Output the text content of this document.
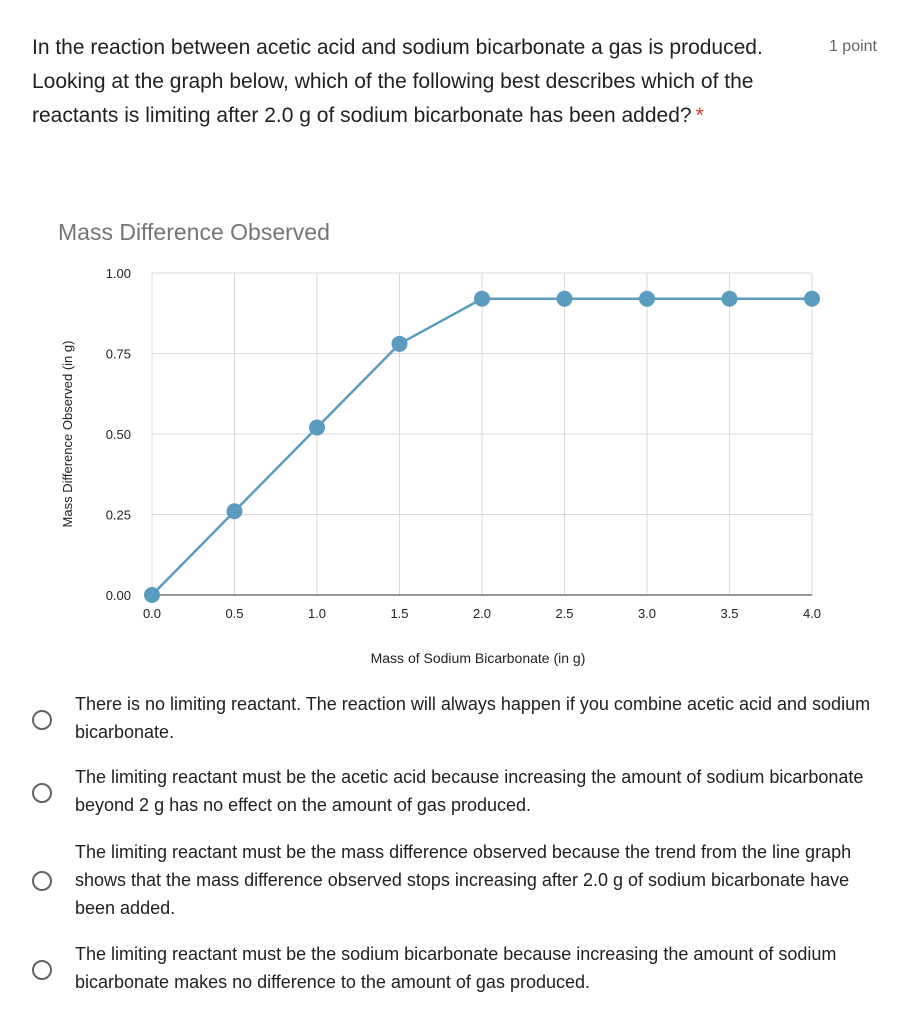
In the reaction between acetic acid and sodium bicarbonate a gas is produced. Looking at the graph below, which of the following best describes which of the reactants is limiting after 2.0 g of sodium bicarbonate has been added? *
1 point
Mass Difference Observed
0.00
0.25
0.50
0.75
1.00
0.0	0.5	1.0	1.5	2.0	2.5	3.0	3.5	4.0
Mass of Sodium Bicarbonate (in g)
Mass Difference Observed (in g)
There is no limiting reactant. The reaction will always happen if you combine acetic acid and sodium bicarbonate.
The limiting reactant must be the acetic acid because increasing the amount of sodium bicarbonate beyond 2 g has no effect on the amount of gas produced.
The limiting reactant must be the mass difference observed because the trend from the line graph shows that the mass difference observed stops increasing after 2.0 g of sodium bicarbonate have been added.
The limiting reactant must be the sodium bicarbonate because increasing the amount of sodium bicarbonate makes no difference to the amount of gas produced.
